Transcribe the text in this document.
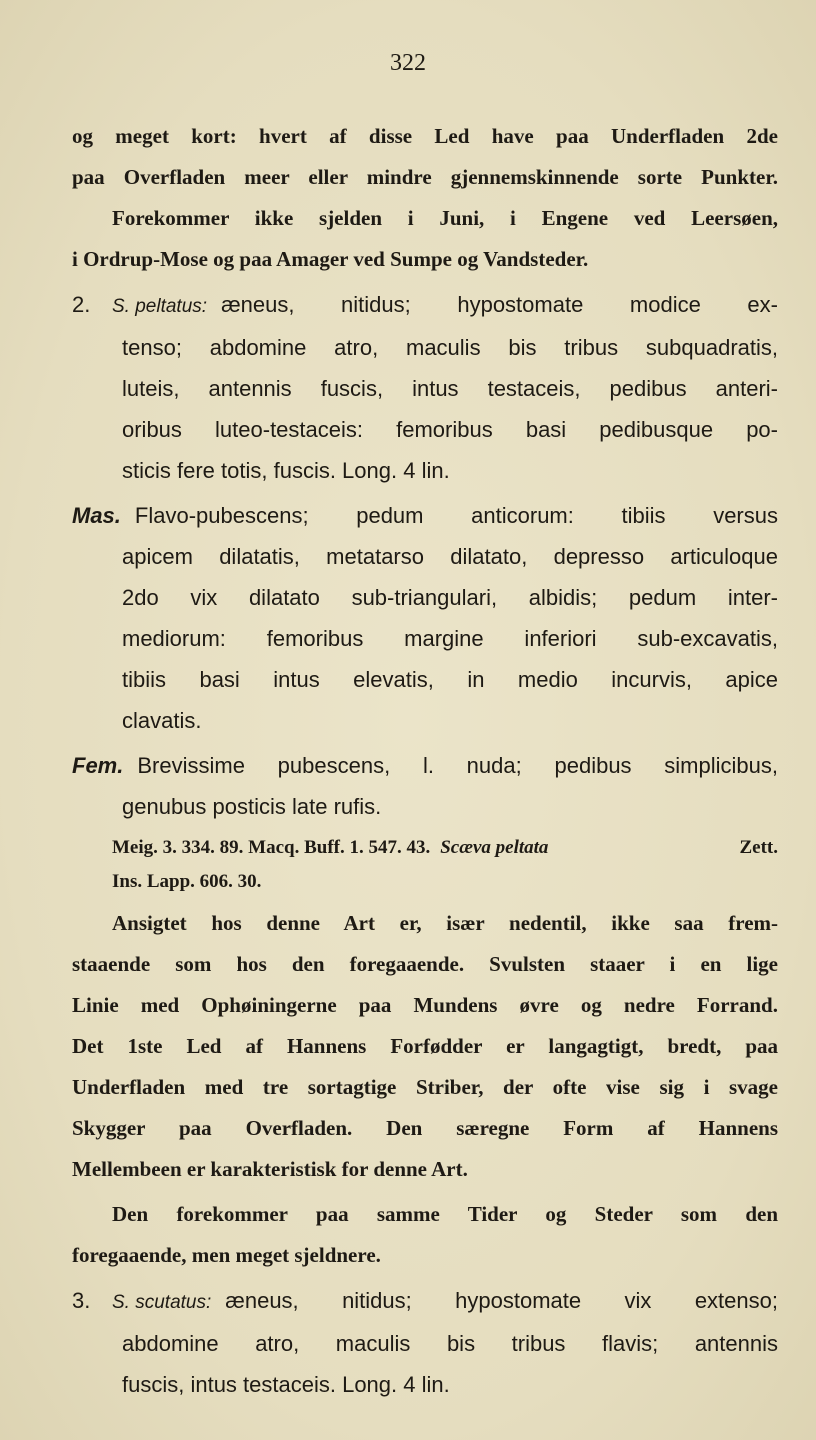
322
og meget kort: hvert af disse Led have paa Underfladen 2de
paa Overfladen meer eller mindre gjennemskinnende sorte Punkter.
Forekommer ikke sjelden i Juni, i Engene ved Leersøen,
i Ordrup-Mose og paa Amager ved Sumpe og Vandsteder.
2.	S. peltatus: æneus, nitidus; hypostomate modice ex-
tenso; abdomine atro, maculis bis tribus subquadratis,
luteis, antennis fuscis, intus testaceis, pedibus anteri-
oribus luteo-testaceis: femoribus basi pedibusque po-
sticis fere totis, fuscis. Long. 4 lin.
Mas. Flavo-pubescens; pedum anticorum: tibiis versus
apicem dilatatis, metatarso dilatato, depresso articuloque
2do vix dilatato sub-triangulari, albidis; pedum inter-
mediorum: femoribus margine inferiori sub-excavatis,
tibiis basi intus elevatis, in medio incurvis, apice
clavatis.
Fem. Brevissime pubescens, l. nuda; pedibus simplicibus,
genubus posticis late rufis.
Meig. 3. 334. 89. Macq. Buff. 1. 547. 43. Scæva peltata	Zett.
Ins. Lapp. 606. 30.
Ansigtet hos denne Art er, især nedentil, ikke saa frem-
staaende som hos den foregaaende. Svulsten staaer i en lige
Linie med Ophøiningerne paa Mundens øvre og nedre Forrand.
Det 1ste Led af Hannens Forfødder er langagtigt, bredt, paa
Underfladen med tre sortagtige Striber, der ofte vise sig i svage
Skygger paa Overfladen. Den særegne Form af Hannens
Mellembeen er karakteristisk for denne Art.
Den forekommer paa samme Tider og Steder som den
foregaaende, men meget sjeldnere.
3.	S. scutatus: æneus, nitidus; hypostomate vix extenso;
abdomine atro, maculis bis tribus flavis; antennis
fuscis, intus testaceis. Long. 4 lin.
